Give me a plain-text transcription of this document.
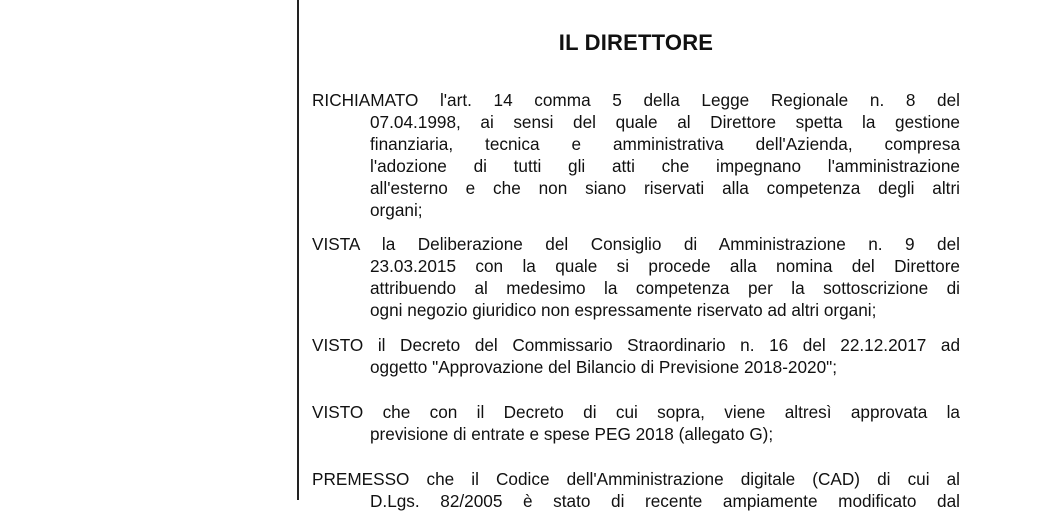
IL DIRETTORE
RICHIAMATO l'art. 14 comma 5 della Legge Regionale n. 8 del
07.04.1998, ai sensi del quale al Direttore spetta la gestione
finanziaria, tecnica e amministrativa dell'Azienda, compresa
l'adozione di tutti gli atti che impegnano l'amministrazione
all'esterno e che non siano riservati alla competenza degli altri
organi;
VISTA la Deliberazione del Consiglio di Amministrazione n. 9 del
23.03.2015 con la quale si procede alla nomina del Direttore
attribuendo al medesimo la competenza per la sottoscrizione di
ogni negozio giuridico non espressamente riservato ad altri organi;
VISTO il Decreto del Commissario Straordinario n. 16 del 22.12.2017 ad
oggetto "Approvazione del Bilancio di Previsione 2018-2020";
VISTO che con il Decreto di cui sopra, viene altresì approvata la
previsione di entrate e spese PEG 2018 (allegato G);
PREMESSO che il Codice dell'Amministrazione digitale (CAD) di cui al
D.Lgs. 82/2005 è stato di recente ampiamente modificato dal
